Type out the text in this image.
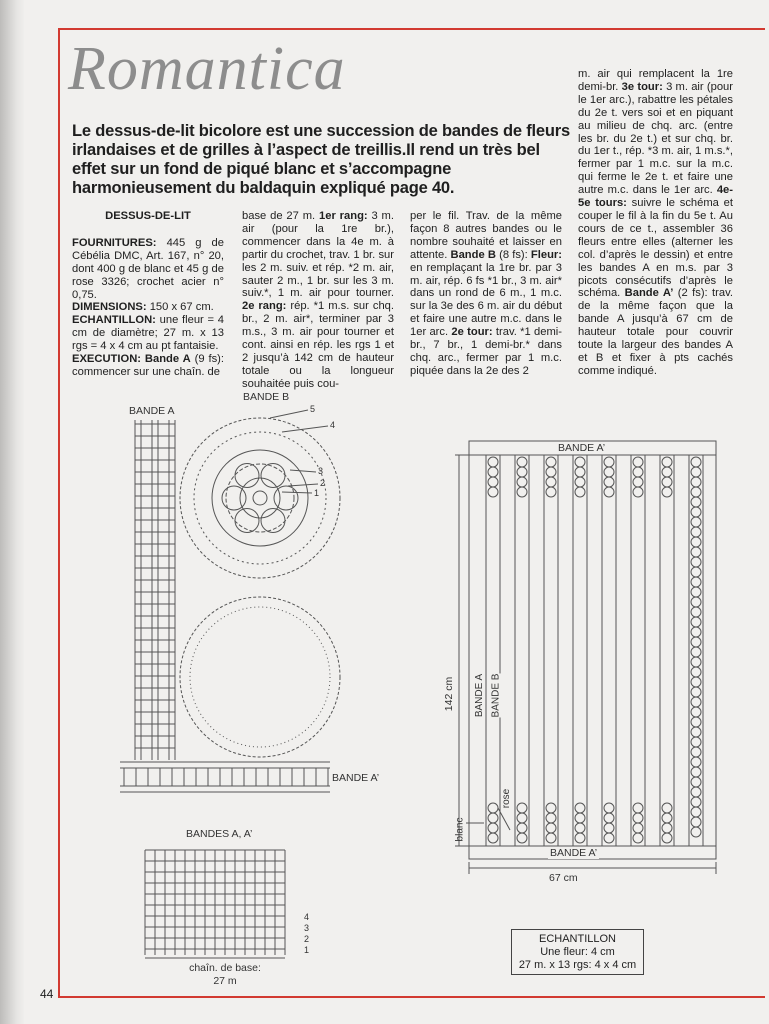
Romantica

Le dessus-de-lit bicolore est une succession de bandes de fleurs irlandaises et de grilles à l’aspect de treillis.Il rend un très bel effet sur un fond de piqué blanc et s’accompagne harmonieusement du baldaquin expliqué page 40.

DESSUS-DE-LIT

FOURNITURES: 445 g de Cébélia DMC, Art. 167, n° 20, dont 400 g de blanc et 45 g de rose 3326; crochet acier n° 0,75.

DIMENSIONS: 150 x 67 cm.

ECHANTILLON: une fleur = 4 cm de diamètre; 27 m. x 13 rgs = 4 x 4 cm au pt fantaisie.

EXECUTION: Bande A (9 fs): commencer sur une chaîn. de

base de 27 m. 1er rang: 3 m. air (pour la 1re br.), commencer dans la 4e m. à partir du crochet, trav. 1 br. sur les 2 m. suiv. et rép. *2 m. air, sauter 2 m., 1 br. sur les 3 m. suiv.*, 1 m. air pour tourner. 2e rang: rép. *1 m.s. sur chq. br., 2 m. air*, terminer par 3 m.s., 3 m. air pour tourner et cont. ainsi en rép. les rgs 1 et 2 jusqu’à 142 cm de hauteur totale ou la longueur souhaitée puis cou-

per le fil. Trav. de la même façon 8 autres bandes ou le nombre souhaité et laisser en attente. Bande B (8 fs): Fleur: en remplaçant la 1re br. par 3 m. air, rép. 6 fs *1 br., 3 m. air* dans un rond de 6 m., 1 m.c. sur la 3e des 6 m. air du début et faire une autre m.c. dans le 1er arc. 2e tour: trav. *1 demi-br., 7 br., 1 demi-br.* dans chq. arc., fermer par 1 m.c. piquée dans la 2e des 2

m. air qui remplacent la 1re demi-br. 3e tour: 3 m. air (pour le 1er arc.), rabattre les pétales du 2e t. vers soi et en piquant au milieu de chq. arc. (entre les br. du 2e t.) et sur chq. br. du 1er t., rép. *3 m. air, 1 m.s.*, fermer par 1 m.c. sur la m.c. qui ferme le 2e t. et faire une autre m.c. dans le 1er arc. 4e-5e tours: suivre le schéma et couper le fil à la fin du 5e t. Au cours de ce t., assembler 36 fleurs entre elles (alterner les col. d’après le dessin) et entre les bandes A en m.s. par 3 picots consécutifs d’après le schéma. Bande A’ (2 fs): trav. de la même façon que la bande A jusqu’à 67 cm de hauteur totale pour couvrir toute la largeur des bandes A et B et fixer à pts cachés comme indiqué.

BANDE A
BANDE B
5
4
3
2
1
BANDE A’
BANDES A, A’
4
3
2
1
chaîn. de base:
27 m
BANDE A’
BANDE A’
142 cm
67 cm
BANDE A BANDE B
rose
blanc
ECHANTILLON
Une fleur: 4 cm
27 m. x 13 rgs: 4 x 4 cm
44
